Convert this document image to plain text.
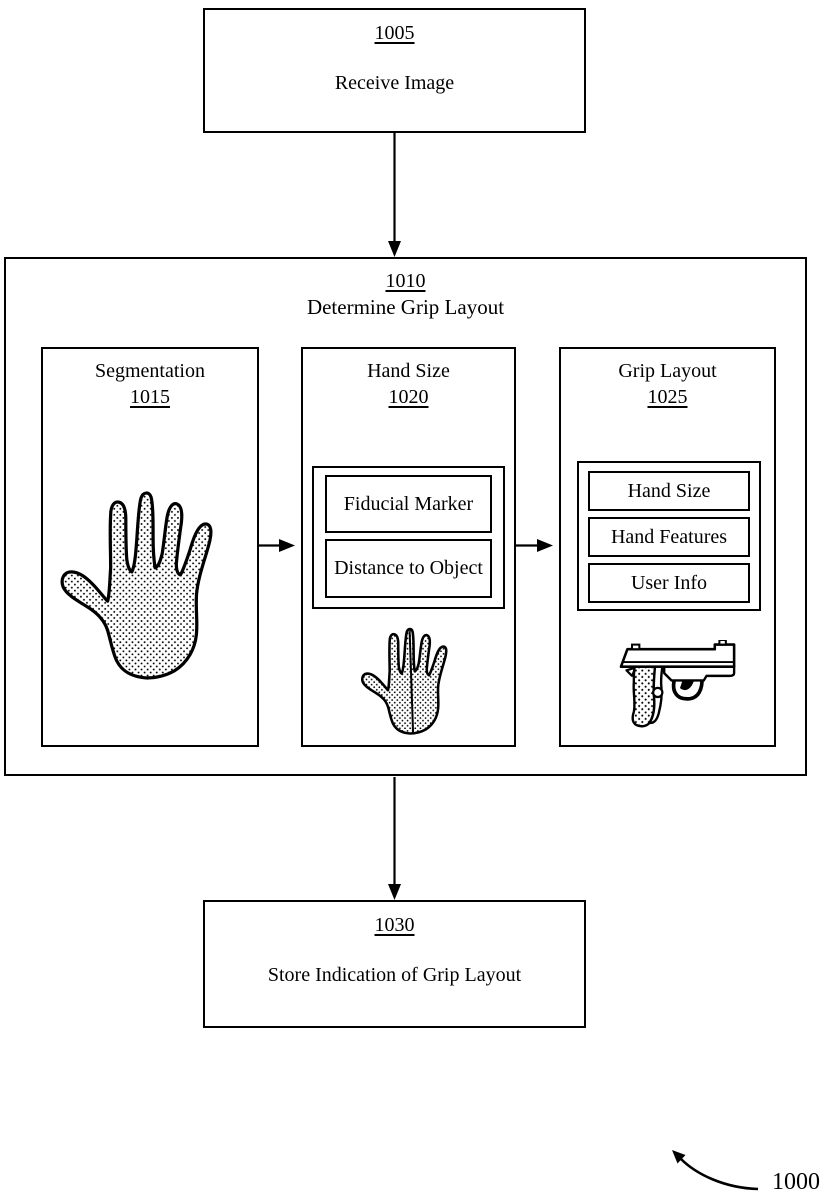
1005
Receive Image
1010
Determine Grip Layout
Segmentation
1015
Hand Size
1020
Fiducial Marker
Distance to Object
Grip Layout
1025
Hand Size
Hand Features
User Info
1030
Store Indication of Grip Layout
1000
